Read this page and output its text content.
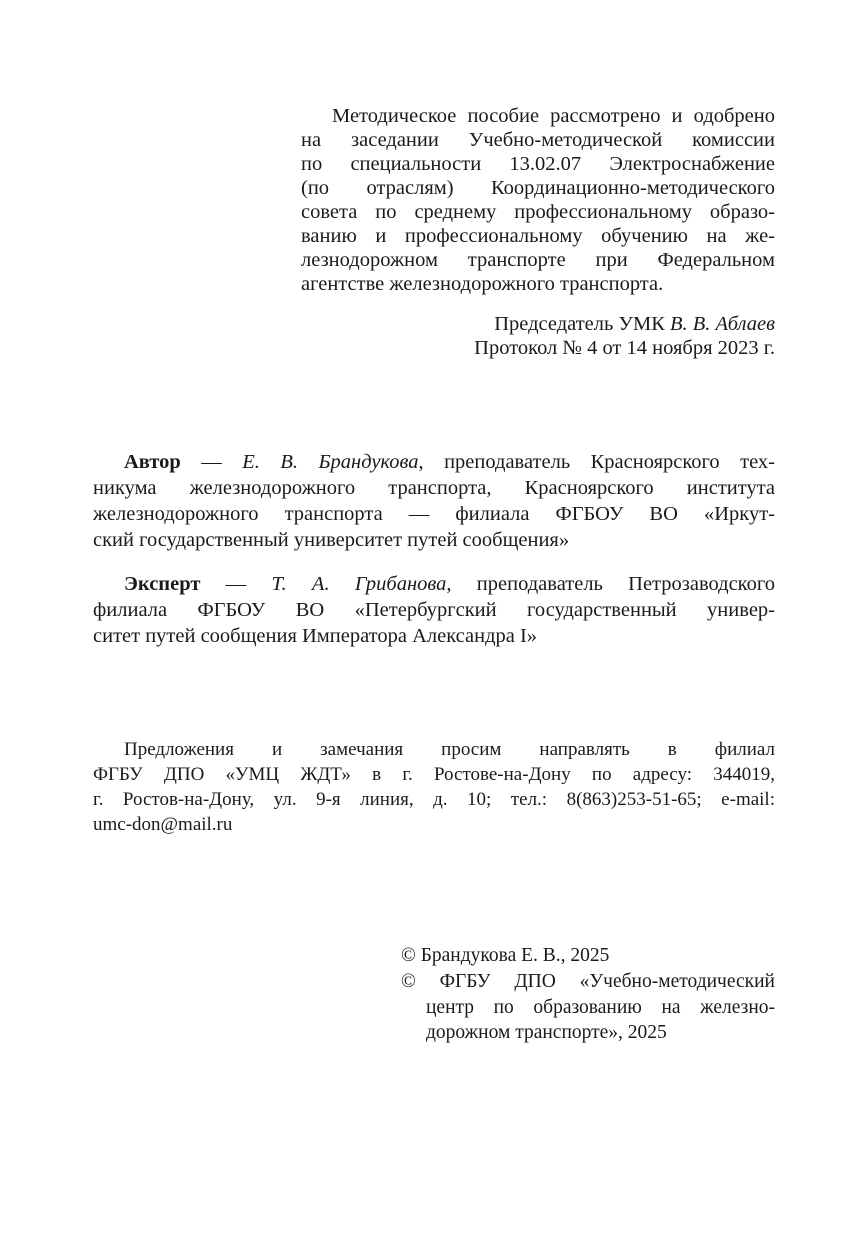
Методическое пособие рассмотрено и одобрено
на заседании Учебно-методической комиссии
по специальности 13.02.07 Электроснабжение
(по отраслям) Координационно-методического
совета по среднему профессиональному образо-
ванию и профессиональному обучению на же-
лезнодорожном транспорте при Федеральном
агентстве железнодорожного транспорта.
Председатель УМК В. В. Аблаев
Протокол № 4 от 14 ноября 2023 г.
Автор — Е. В. Брандукова, преподаватель Красноярского тех-
никума железнодорожного транспорта, Красноярского института
железнодорожного транспорта — филиала ФГБОУ ВО «Иркут-
ский государственный университет путей сообщения»
Эксперт — Т. А. Грибанова, преподаватель Петрозаводского
филиала ФГБОУ ВО «Петербургский государственный универ-
ситет путей сообщения Императора Александра I»
Предложения и замечания просим направлять в филиал
ФГБУ ДПО «УМЦ ЖДТ» в г. Ростове-на-Дону по адресу: 344019,
г. Ростов-на-Дону, ул. 9-я линия, д. 10; тел.: 8(863)253-51-65; e-mail:
umc-don@mail.ru
© Брандукова Е. В., 2025
© ФГБУ ДПО «Учебно-методический
центр по образованию на железно-
дорожном транспорте», 2025
